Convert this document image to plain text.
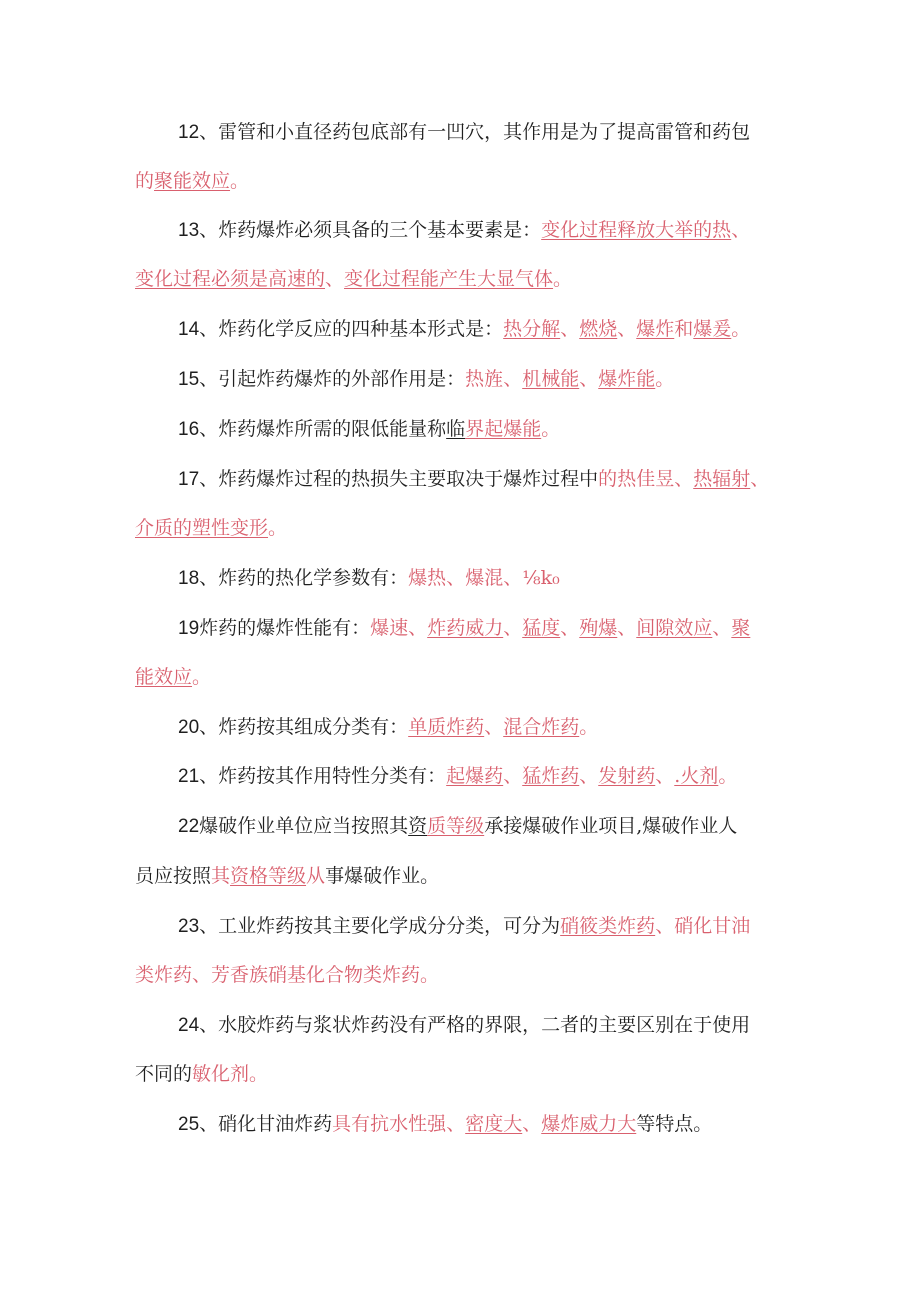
12、雷管和小直径药包底部有一凹穴，其作用是为了提高雷管和药包
的聚能效应。
13、炸药爆炸必须具备的三个基本要素是：变化过程释放大举的热、
变化过程必须是高速的、变化过程能产生大显气体。
14、炸药化学反应的四种基本形式是：热分解、燃烧、爆炸和爆爰。
15、引起炸药爆炸的外部作用是：热旌、机械能、爆炸能。
16、炸药爆炸所需的限低能量称临界起爆能。
17、炸药爆炸过程的热损失主要取决于爆炸过程中的热佳昱、热辐射、
介质的塑性变形。
18、炸药的热化学参数有：爆热、爆混、⅛k₀
19炸药的爆炸性能有：爆速、炸药威力、猛度、殉爆、间隙效应、聚
能效应。
20、炸药按其组成分类有：单质炸药、混合炸药。
21、炸药按其作用特性分类有：起爆药、猛炸药、发射药、.火剂。
22爆破作业单位应当按照其资质等级承接爆破作业项目,爆破作业人
员应按照其资格等级从事爆破作业。
23、工业炸药按其主要化学成分分类，可分为硝筱类炸药、硝化甘油
类炸药、芳香族硝基化合物类炸药。
24、水胶炸药与浆状炸药没有严格的界限，二者的主要区别在于使用
不同的敏化剂。
25、硝化甘油炸药具有抗水性强、密度大、爆炸威力大等特点。
